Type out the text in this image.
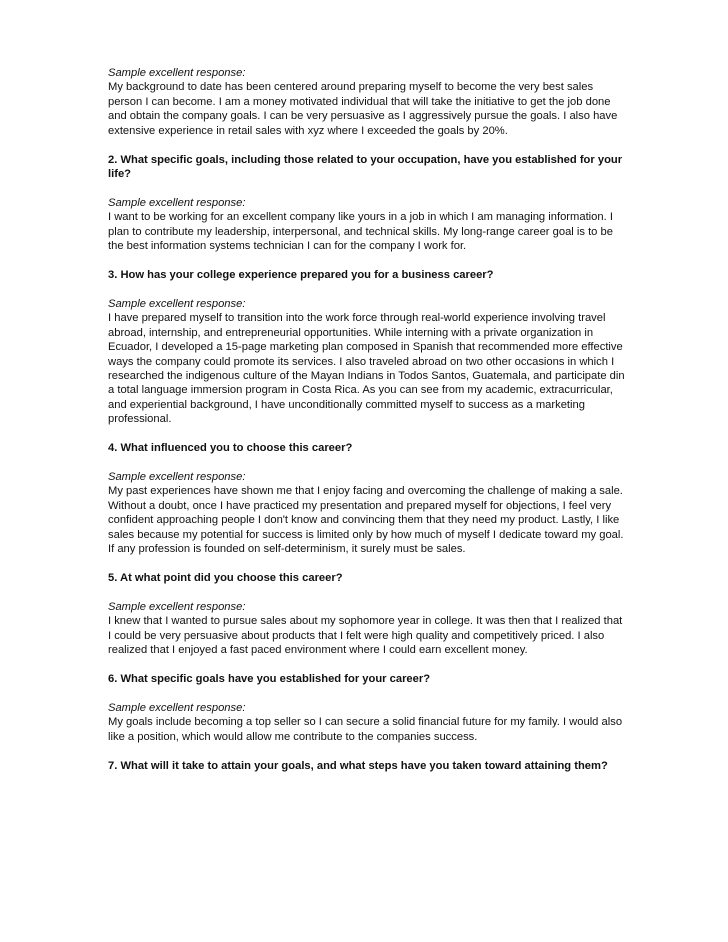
Sample excellent response:
My background to date has been centered around preparing myself to become the very best sales person I can become. I am a money motivated individual that will take the initiative to get the job done and obtain the company goals. I can be very persuasive as I aggressively pursue the goals. I also have extensive experience in retail sales with xyz where I exceeded the goals by 20%.
2. What specific goals, including those related to your occupation, have you established for your life?
Sample excellent response:
I want to be working for an excellent company like yours in a job in which I am managing information. I plan to contribute my leadership, interpersonal, and technical skills. My long-range career goal is to be the best information systems technician I can for the company I work for.
3. How has your college experience prepared you for a business career?
Sample excellent response:
I have prepared myself to transition into the work force through real-world experience involving travel abroad, internship, and entrepreneurial opportunities. While interning with a private organization in Ecuador, I developed a 15-page marketing plan composed in Spanish that recommended more effective ways the company could promote its services. I also traveled abroad on two other occasions in which I researched the indigenous culture of the Mayan Indians in Todos Santos, Guatemala, and participate din a total language immersion program in Costa Rica. As you can see from my academic, extracurricular, and experiential background, I have unconditionally committed myself to success as a marketing professional.
4. What influenced you to choose this career?
Sample excellent response:
My past experiences have shown me that I enjoy facing and overcoming the challenge of making a sale. Without a doubt, once I have practiced my presentation and prepared myself for objections, I feel very confident approaching people I don't know and convincing them that they need my product. Lastly, I like sales because my potential for success is limited only by how much of myself I dedicate toward my goal. If any profession is founded on self-determinism, it surely must be sales.
5. At what point did you choose this career?
Sample excellent response:
I knew that I wanted to pursue sales about my sophomore year in college. It was then that I realized that I could be very persuasive about products that I felt were high quality and competitively priced. I also realized that I enjoyed a fast paced environment where I could earn excellent money.
6. What specific goals have you established for your career?
Sample excellent response:
My goals include becoming a top seller so I can secure a solid financial future for my family. I would also like a position, which would allow me contribute to the companies success.
7. What will it take to attain your goals, and what steps have you taken toward attaining them?
